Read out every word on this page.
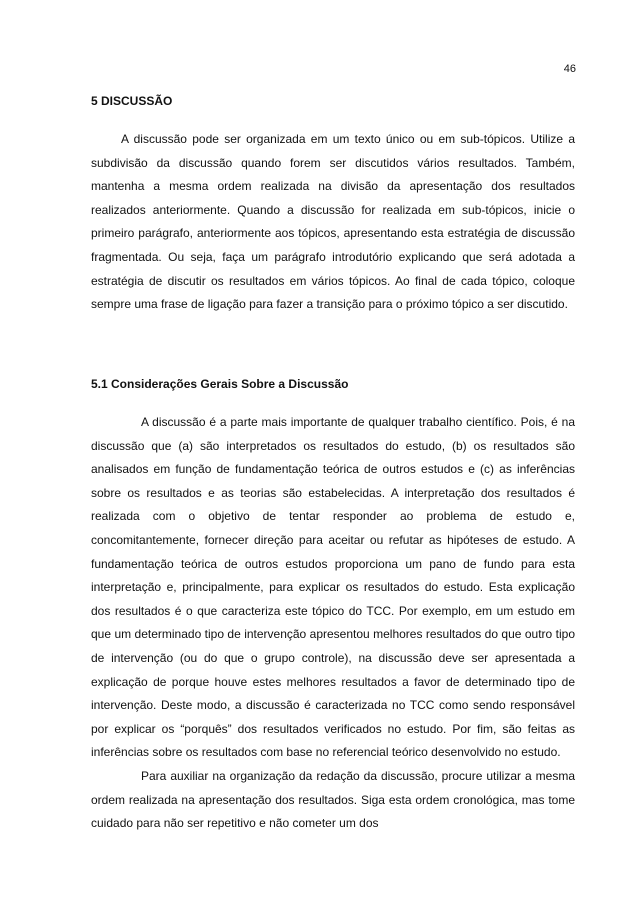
46
5 DISCUSSÃO

A discussão pode ser organizada em um texto único ou em sub-tópicos. Utilize a subdivisão da discussão quando forem ser discutidos vários resultados. Também, mantenha a mesma ordem realizada na divisão da apresentação dos resultados realizados anteriormente. Quando a discussão for realizada em sub-tópicos, inicie o primeiro parágrafo, anteriormente aos tópicos, apresentando esta estratégia de discussão fragmentada. Ou seja, faça um parágrafo introdutório explicando que será adotada a estratégia de discutir os resultados em vários tópicos. Ao final de cada tópico, coloque sempre uma frase de ligação para fazer a transição para o próximo tópico a ser discutido.

5.1 Considerações Gerais Sobre a Discussão

A discussão é a parte mais importante de qualquer trabalho científico. Pois, é na discussão que (a) são interpretados os resultados do estudo, (b) os resultados são analisados em função de fundamentação teórica de outros estudos e (c) as inferências sobre os resultados e as teorias são estabelecidas. A interpretação dos resultados é realizada com o objetivo de tentar responder ao problema de estudo e, concomitantemente, fornecer direção para aceitar ou refutar as hipóteses de estudo. A fundamentação teórica de outros estudos proporciona um pano de fundo para esta interpretação e, principalmente, para explicar os resultados do estudo. Esta explicação dos resultados é o que caracteriza este tópico do TCC. Por exemplo, em um estudo em que um determinado tipo de intervenção apresentou melhores resultados do que outro tipo de intervenção (ou do que o grupo controle), na discussão deve ser apresentada a explicação de porque houve estes melhores resultados a favor de determinado tipo de intervenção. Deste modo, a discussão é caracterizada no TCC como sendo responsável por explicar os “porquês” dos resultados verificados no estudo. Por fim, são feitas as inferências sobre os resultados com base no referencial teórico desenvolvido no estudo.

Para auxiliar na organização da redação da discussão, procure utilizar a mesma ordem realizada na apresentação dos resultados. Siga esta ordem cronológica, mas tome cuidado para não ser repetitivo e não cometer um dos
